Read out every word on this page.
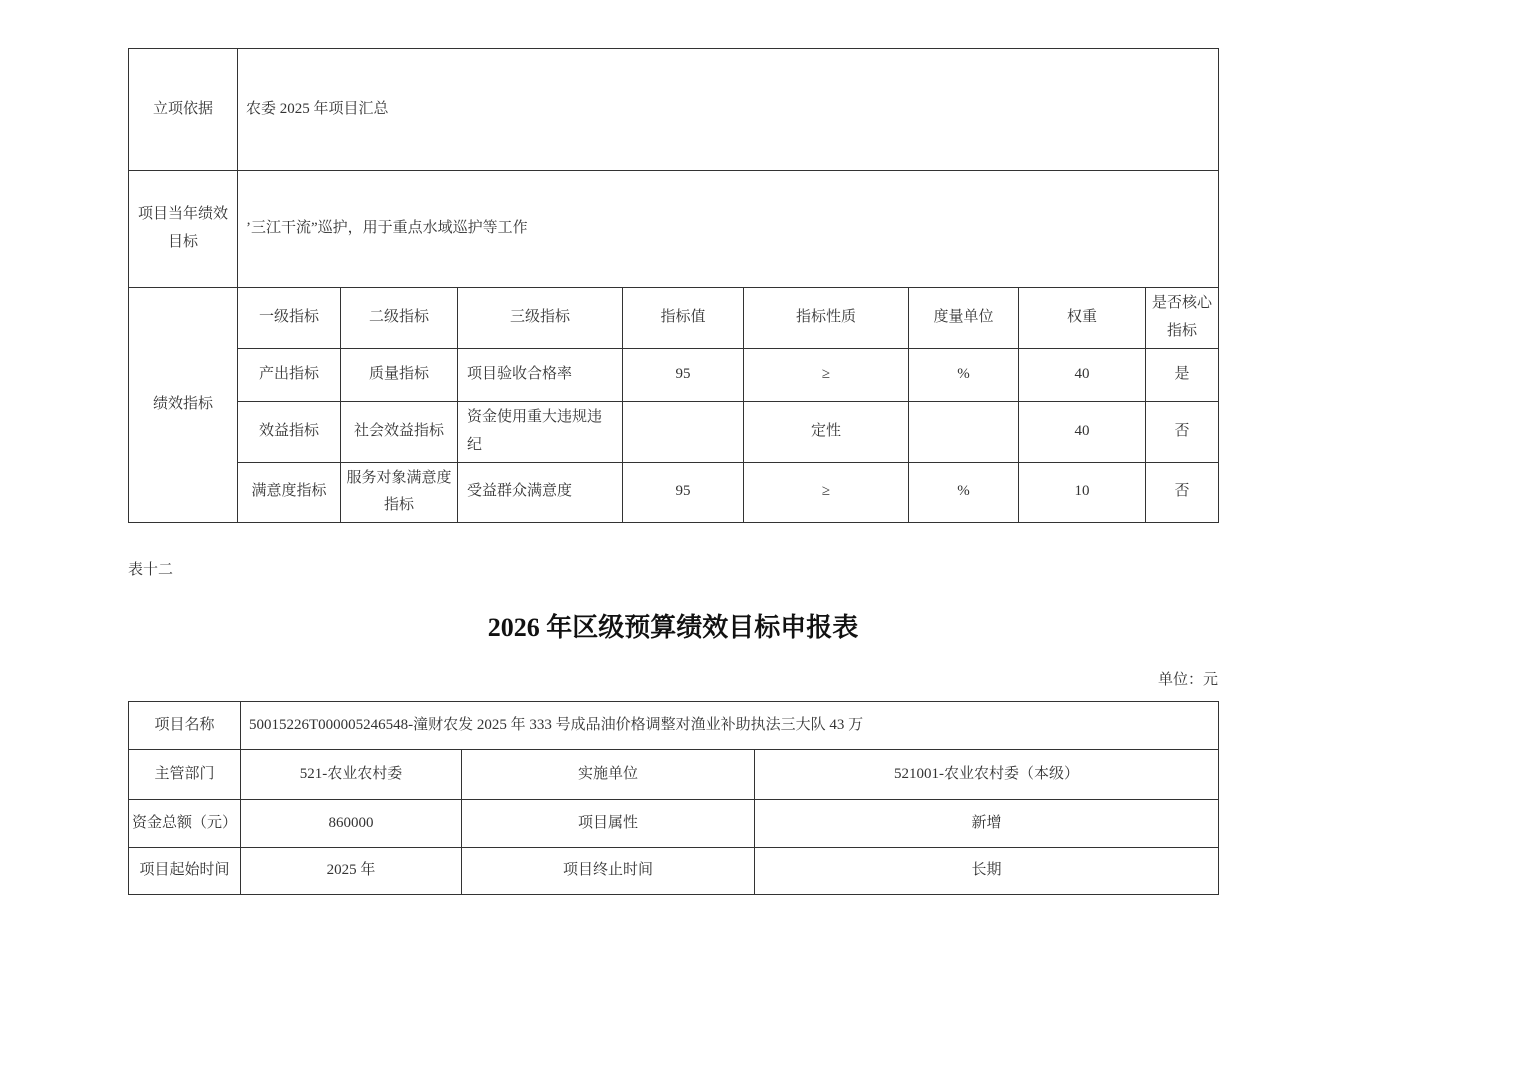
立项依据	农委 2025 年项目汇总							
项目当年绩效目标	’三江干流”巡护，用于重点水域巡护等工作							
绩效指标	一级指标	二级指标	三级指标	指标值	指标性质	度量单位	权重	是否核心指标
	产出指标	质量指标	项目验收合格率	95	≥	%	40	是
	效益指标	社会效益指标	资金使用重大违规违纪		定性		40	否
	满意度指标	服务对象满意度指标	受益群众满意度	95	≥	%	10	否
表十二
2026 年区级预算绩效目标申报表
单位：元
项目名称	50015226T000005246548-潼财农发 2025 年 333 号成品油价格调整对渔业补助执法三大队 43 万		
主管部门	521-农业农村委	实施单位	521001-农业农村委（本级）
资金总额（元）	860000	项目属性	新增
项目起始时间	2025 年	项目终止时间	长期
